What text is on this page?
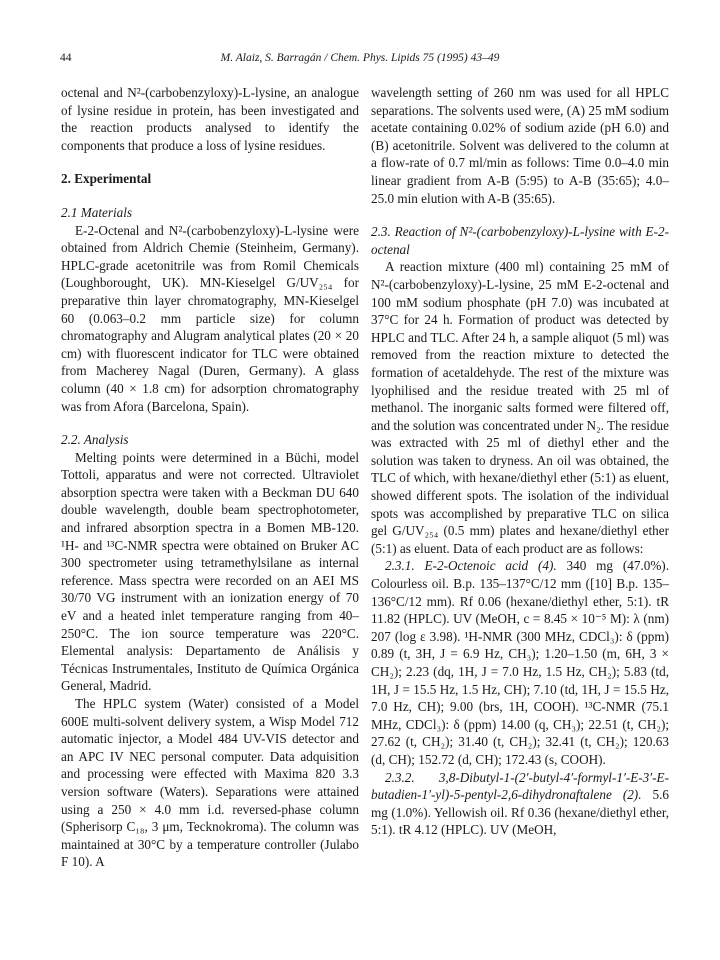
44	M. Alaiz, S. Barragán / Chem. Phys. Lipids 75 (1995) 43–49

octenal and N²-(carbobenzyloxy)-L-lysine, an analogue of lysine residue in protein, has been investigated and the reaction products analysed to identify the components that produce a loss of lysine residues.

2. Experimental

2.1 Materials

E-2-Octenal and N²-(carbobenzyloxy)-L-lysine were obtained from Aldrich Chemie (Steinheim, Germany). HPLC-grade acetonitrile was from Romil Chemicals (Loughborought, UK). MN-Kieselgel G/UV₂₅₄ for preparative thin layer chromatography, MN-Kieselgel 60 (0.063–0.2 mm particle size) for column chromatography and Alugram analytical plates (20 × 20 cm) with fluorescent indicator for TLC were obtained from Macherey Nagal (Duren, Germany). A glass column (40 × 1.8 cm) for adsorption chromatography was from Afora (Barcelona, Spain).

2.2. Analysis

Melting points were determined in a Büchi, model Tottoli, apparatus and were not corrected. Ultraviolet absorption spectra were taken with a Beckman DU 640 double wavelength, double beam spectrophotometer, and infrared absorption spectra in a Bomen MB-120. ¹H- and ¹³C-NMR spectra were obtained on Bruker AC 300 spectrometer using tetramethylsilane as internal reference. Mass spectra were recorded on an AEI MS 30/70 VG instrument with an ionization energy of 70 eV and a heated inlet temperature ranging from 40–250°C. The ion source temperature was 220°C. Elemental analysis: Departamento de Análisis y Técnicas Instrumentales, Instituto de Química Orgánica General, Madrid.

The HPLC system (Water) consisted of a Model 600E multi-solvent delivery system, a Wisp Model 712 automatic injector, a Model 484 UV-VIS detector and an APC IV NEC personal computer. Data adquisition and processing were effected with Maxima 820 3.3 version software (Waters). Separations were attained using a 250 × 4.0 mm i.d. reversed-phase column (Spherisorp C₁₈, 3 μm, Tecknokroma). The column was maintained at 30°C by a temperature controller (Julabo F 10). A

wavelength setting of 260 nm was used for all HPLC separations. The solvents used were, (A) 25 mM sodium acetate containing 0.02% of sodium azide (pH 6.0) and (B) acetonitrile. Solvent was delivered to the column at a flow-rate of 0.7 ml/min as follows: Time 0.0–4.0 min linear gradient from A-B (5:95) to A-B (35:65); 4.0–25.0 min elution with A-B (35:65).

2.3. Reaction of N²-(carbobenzyloxy)-L-lysine with E-2-octenal

A reaction mixture (400 ml) containing 25 mM of N²-(carbobenzyloxy)-L-lysine, 25 mM E-2-octenal and 100 mM sodium phosphate (pH 7.0) was incubated at 37°C for 24 h. Formation of product was detected by HPLC and TLC. After 24 h, a sample aliquot (5 ml) was removed from the reaction mixture to detected the formation of acetaldehyde. The rest of the mixture was lyophilised and the residue treated with 25 ml of methanol. The inorganic salts formed were filtered off, and the solution was concentrated under N₂. The residue was extracted with 25 ml of diethyl ether and the solution was taken to dryness. An oil was obtained, the TLC of which, with hexane/diethyl ether (5:1) as eluent, showed different spots. The isolation of the individual spots was accomplished by preparative TLC on silica gel G/UV₂₅₄ (0.5 mm) plates and hexane/diethyl ether (5:1) as eluent. Data of each product are as follows:

2.3.1. E-2-Octenoic acid (4). 340 mg (47.0%). Colourless oil. B.p. 135–137°C/12 mm ([10] B.p. 135–136°C/12 mm). Rf 0.06 (hexane/diethyl ether, 5:1). tR 11.82 (HPLC). UV (MeOH, c = 8.45 × 10⁻⁵ M): λ (nm) 207 (log ε 3.98). ¹H-NMR (300 MHz, CDCl₃): δ (ppm) 0.89 (t, 3H, J = 6.9 Hz, CH₃); 1.20–1.50 (m, 6H, 3 × CH₂); 2.23 (dq, 1H, J = 7.0 Hz, 1.5 Hz, CH₂); 5.83 (td, 1H, J = 15.5 Hz, 1.5 Hz, CH); 7.10 (td, 1H, J = 15.5 Hz, 7.0 Hz, CH); 9.00 (brs, 1H, COOH). ¹³C-NMR (75.1 MHz, CDCl₃): δ (ppm) 14.00 (q, CH₃); 22.51 (t, CH₂); 27.62 (t, CH₂); 31.40 (t, CH₂); 32.41 (t, CH₂); 120.63 (d, CH); 152.72 (d, CH); 172.43 (s, COOH).

2.3.2. 3,8-Dibutyl-1-(2′-butyl-4′-formyl-1′-E-3′-E-butadien-1′-yl)-5-pentyl-2,6-dihydronaftalene (2). 5.6 mg (1.0%). Yellowish oil. Rf 0.36 (hexane/diethyl ether, 5:1). tR 4.12 (HPLC). UV (MeOH,
